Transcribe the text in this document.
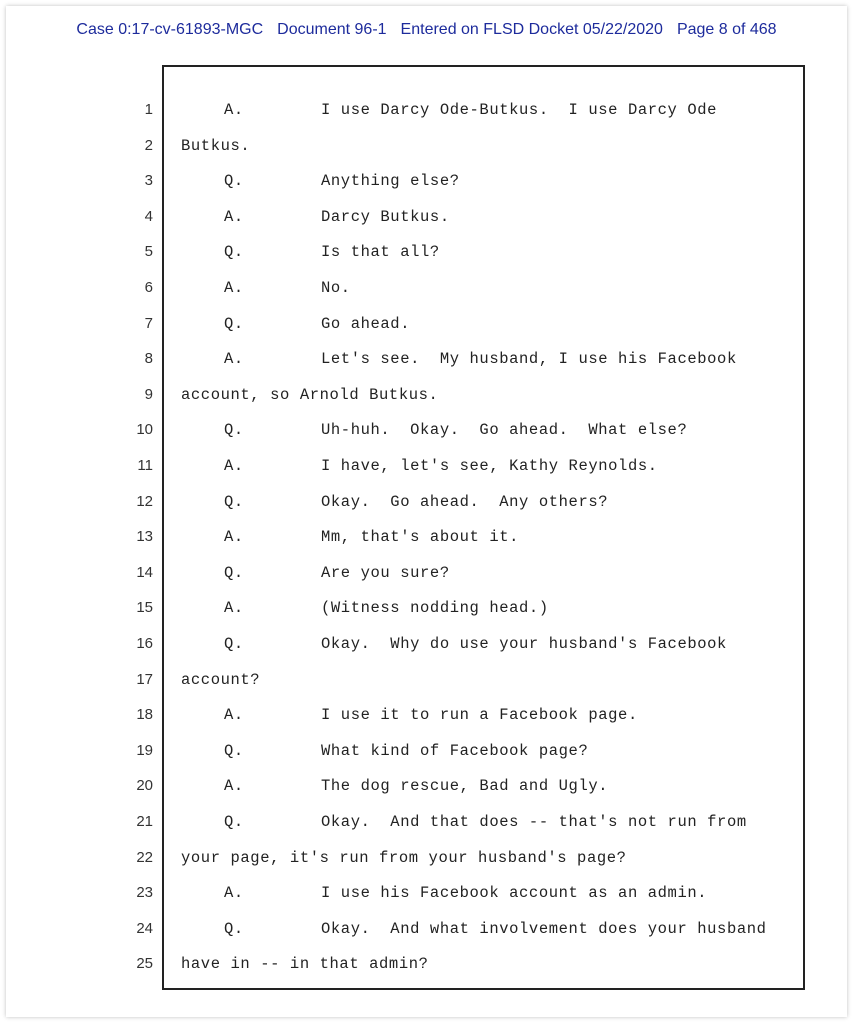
Case 0:17-cv-61893-MGC Document 96-1 Entered on FLSD Docket 05/22/2020 Page 8 of 468
1	A.	I use Darcy Ode-Butkus.  I use Darcy Ode
2 Butkus.
3	Q.	Anything else?
4	A.	Darcy Butkus.
5	Q.	Is that all?
6	A.	No.
7	Q.	Go ahead.
8	A.	Let's see.  My husband, I use his Facebook
9 account, so Arnold Butkus.
10	Q.	Uh-huh.  Okay.  Go ahead.  What else?
11	A.	I have, let's see, Kathy Reynolds.
12	Q.	Okay.  Go ahead.  Any others?
13	A.	Mm, that's about it.
14	Q.	Are you sure?
15	A.	(Witness nodding head.)
16	Q.	Okay.  Why do use your husband's Facebook
17 account?
18	A.	I use it to run a Facebook page.
19	Q.	What kind of Facebook page?
20	A.	The dog rescue, Bad and Ugly.
21	Q.	Okay.  And that does -- that's not run from
22 your page, it's run from your husband's page?
23	A.	I use his Facebook account as an admin.
24	Q.	Okay.  And what involvement does your husband
25 have in -- in that admin?
